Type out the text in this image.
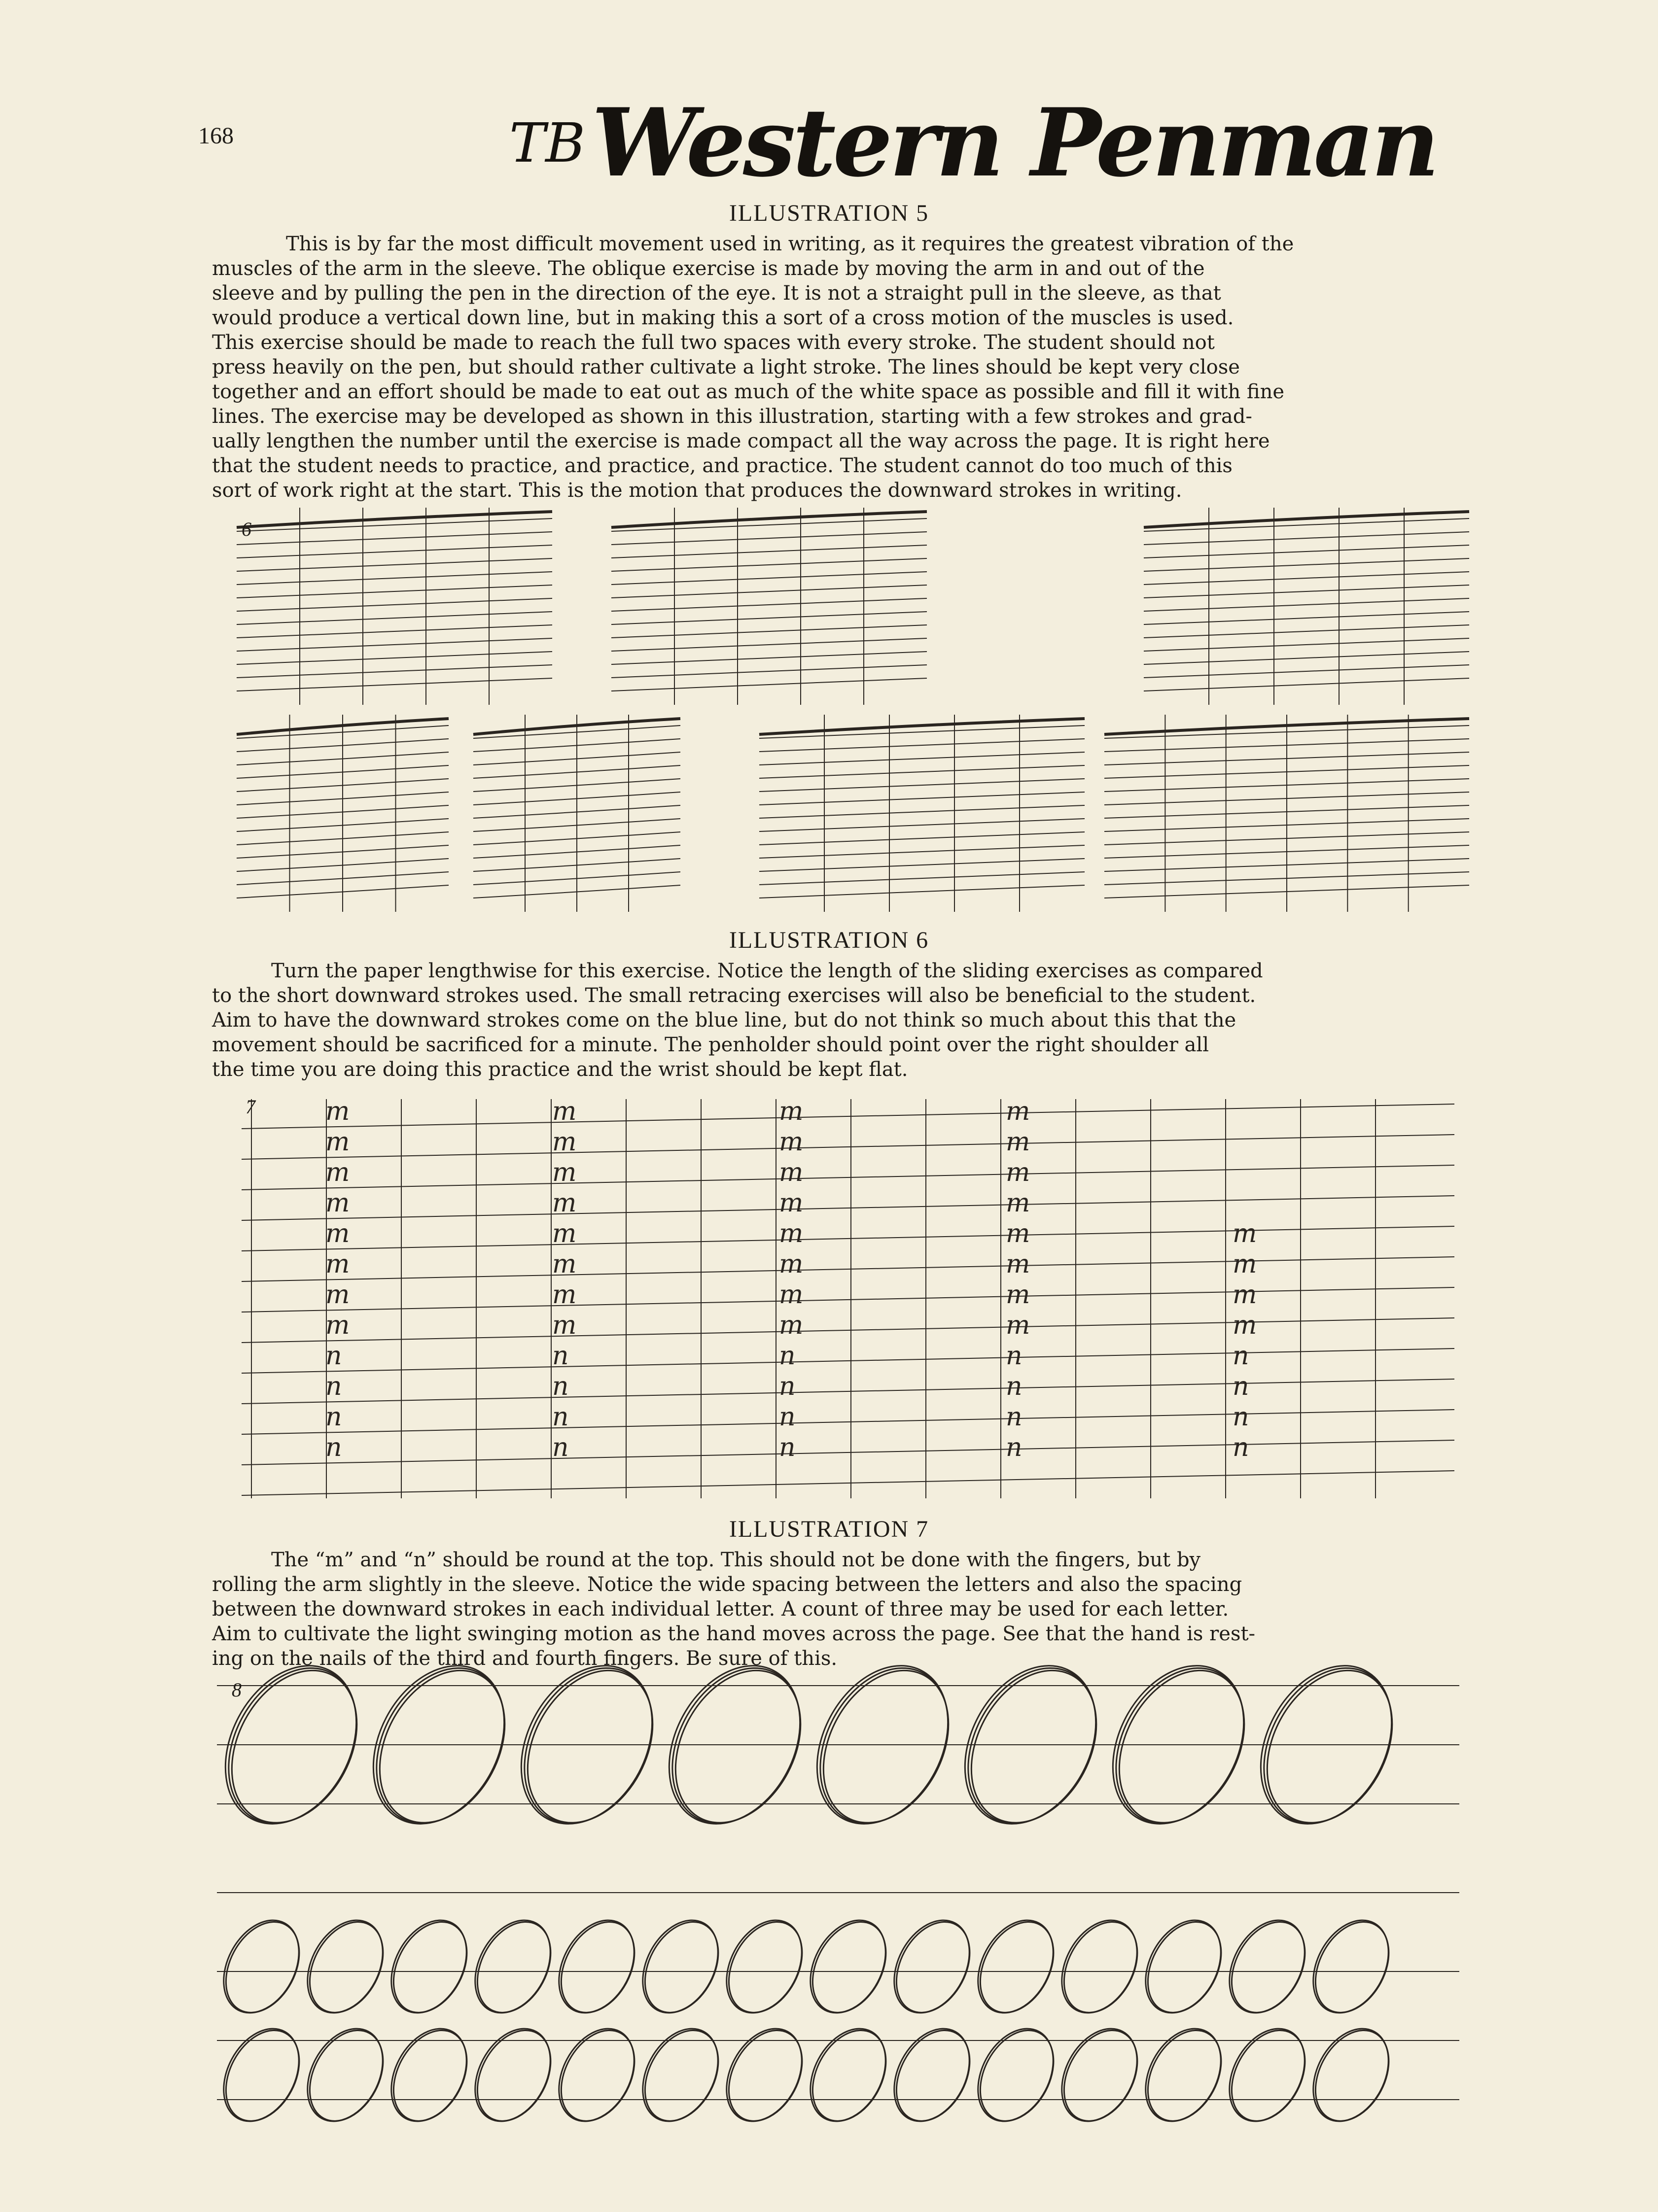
168	TB Western Penman
ILLUSTRATION 5
This is by far the most difficult movement used in writing, as it requires the greatest vibration of the
muscles of the arm in the sleeve. The oblique exercise is made by moving the arm in and out of the
sleeve and by pulling the pen in the direction of the eye. It is not a straight pull in the sleeve, as that
would produce a vertical down line, but in making this a sort of a cross motion of the muscles is used.
This exercise should be made to reach the full two spaces with every stroke. The student should not
press heavily on the pen, but should rather cultivate a light stroke. The lines should be kept very close
together and an effort should be made to eat out as much of the white space as possible and fill it with fine
lines. The exercise may be developed as shown in this illustration, starting with a few strokes and grad-
ually lengthen the number until the exercise is made compact all the way across the page. It is right here
that the student needs to practice, and practice, and practice. The student cannot do too much of this
sort of work right at the start. This is the motion that produces the downward strokes in writing.
6
ILLUSTRATION 6
Turn the paper lengthwise for this exercise. Notice the length of the sliding exercises as compared
to the short downward strokes used. The small retracing exercises will also be beneficial to the student.
Aim to have the downward strokes come on the blue line, but do not think so much about this that the
movement should be sacrificed for a minute. The penholder should point over the right shoulder all
the time you are doing this practice and the wrist should be kept flat.
m	m	m	m
m	m	m	m
m	m	m	m
m	m	m	m
m	m	m	m	m
m	m	m	m	m
m	m	m	m	m
m	m	m	m	m
n	n	n	n	n
n	n	n	n	n
n	n	n	n	n
n	n	n	n	n
7
ILLUSTRATION 7
The “m” and “n” should be round at the top. This should not be done with the fingers, but by
rolling the arm slightly in the sleeve. Notice the wide spacing between the letters and also the spacing
between the downward strokes in each individual letter. A count of three may be used for each letter.
Aim to cultivate the light swinging motion as the hand moves across the page. See that the hand is rest-
ing on the nails of the third and fourth fingers. Be sure of this.
8
